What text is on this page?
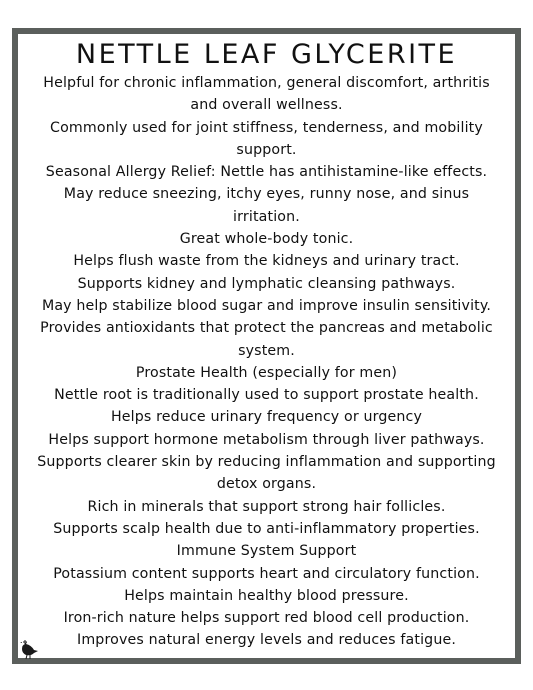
NETTLE LEAF GLYCERITE
Helpful for chronic inflammation, general discomfort, arthritis
and overall wellness.
Commonly used for joint stiffness, tenderness, and mobility
support.
Seasonal Allergy Relief: Nettle has antihistamine-like effects.
May reduce sneezing, itchy eyes, runny nose, and sinus
irritation.
Great whole-body tonic.
Helps flush waste from the kidneys and urinary tract.
Supports kidney and lymphatic cleansing pathways.
May help stabilize blood sugar and improve insulin sensitivity.
Provides antioxidants that protect the pancreas and metabolic
system.
Prostate Health (especially for men)
Nettle root is traditionally used to support prostate health.
Helps reduce urinary frequency or urgency
Helps support hormone metabolism through liver pathways.
Supports clearer skin by reducing inflammation and supporting
detox organs.
Rich in minerals that support strong hair follicles.
Supports scalp health due to anti-inflammatory properties.
Immune System Support
Potassium content supports heart and circulatory function.
Helps maintain healthy blood pressure.
Iron-rich nature helps support red blood cell production.
Improves natural energy levels and reduces fatigue.
